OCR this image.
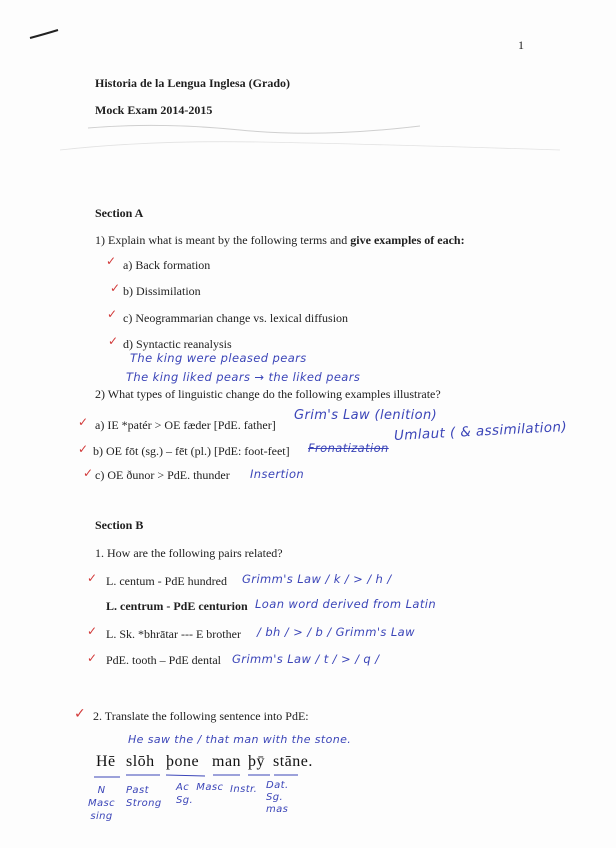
1
Historia de la Lengua Inglesa (Grado)
Mock Exam 2014-2015
Section A
1) Explain what is meant by the following terms and give examples of each:
✓ a) Back formation
✓ b) Dissimilation
✓ c) Neogrammarian change vs. lexical diffusion
✓ d) Syntactic reanalysis
The king were pleased pears
The king liked pears → the liked pears
2) What types of linguistic change do the following examples illustrate?
✓ a) IE *patér > OE fæder [PdE. father]
Grim's Law (lenition)
✓ b) OE fōt (sg.) – fēt (pl.) [PdE: foot-feet] Fronatization
Umlaut ( & assimilation)
✓ c) OE ðunor > PdE. thunder Insertion
Section B
1. How are the following pairs related?
✓ L. centum - PdE hundred Grimm's Law / k / > / h /
L. centrum - PdE centurion Loan word derived from Latin
✓ L. Sk. *bhrātar --- E brother / bh / > / b / Grimm's Law
✓ PdE. tooth – PdE dental Grimm's Law / t / > / q /
✓ 2. Translate the following sentence into PdE:
He saw the / that man with the stone.
Hē slōh þone man þӯ stāne.
N
Masc
sing
Past
Strong
Ac  Masc
Sg.
Instr. Dat.
Sg.
mas
